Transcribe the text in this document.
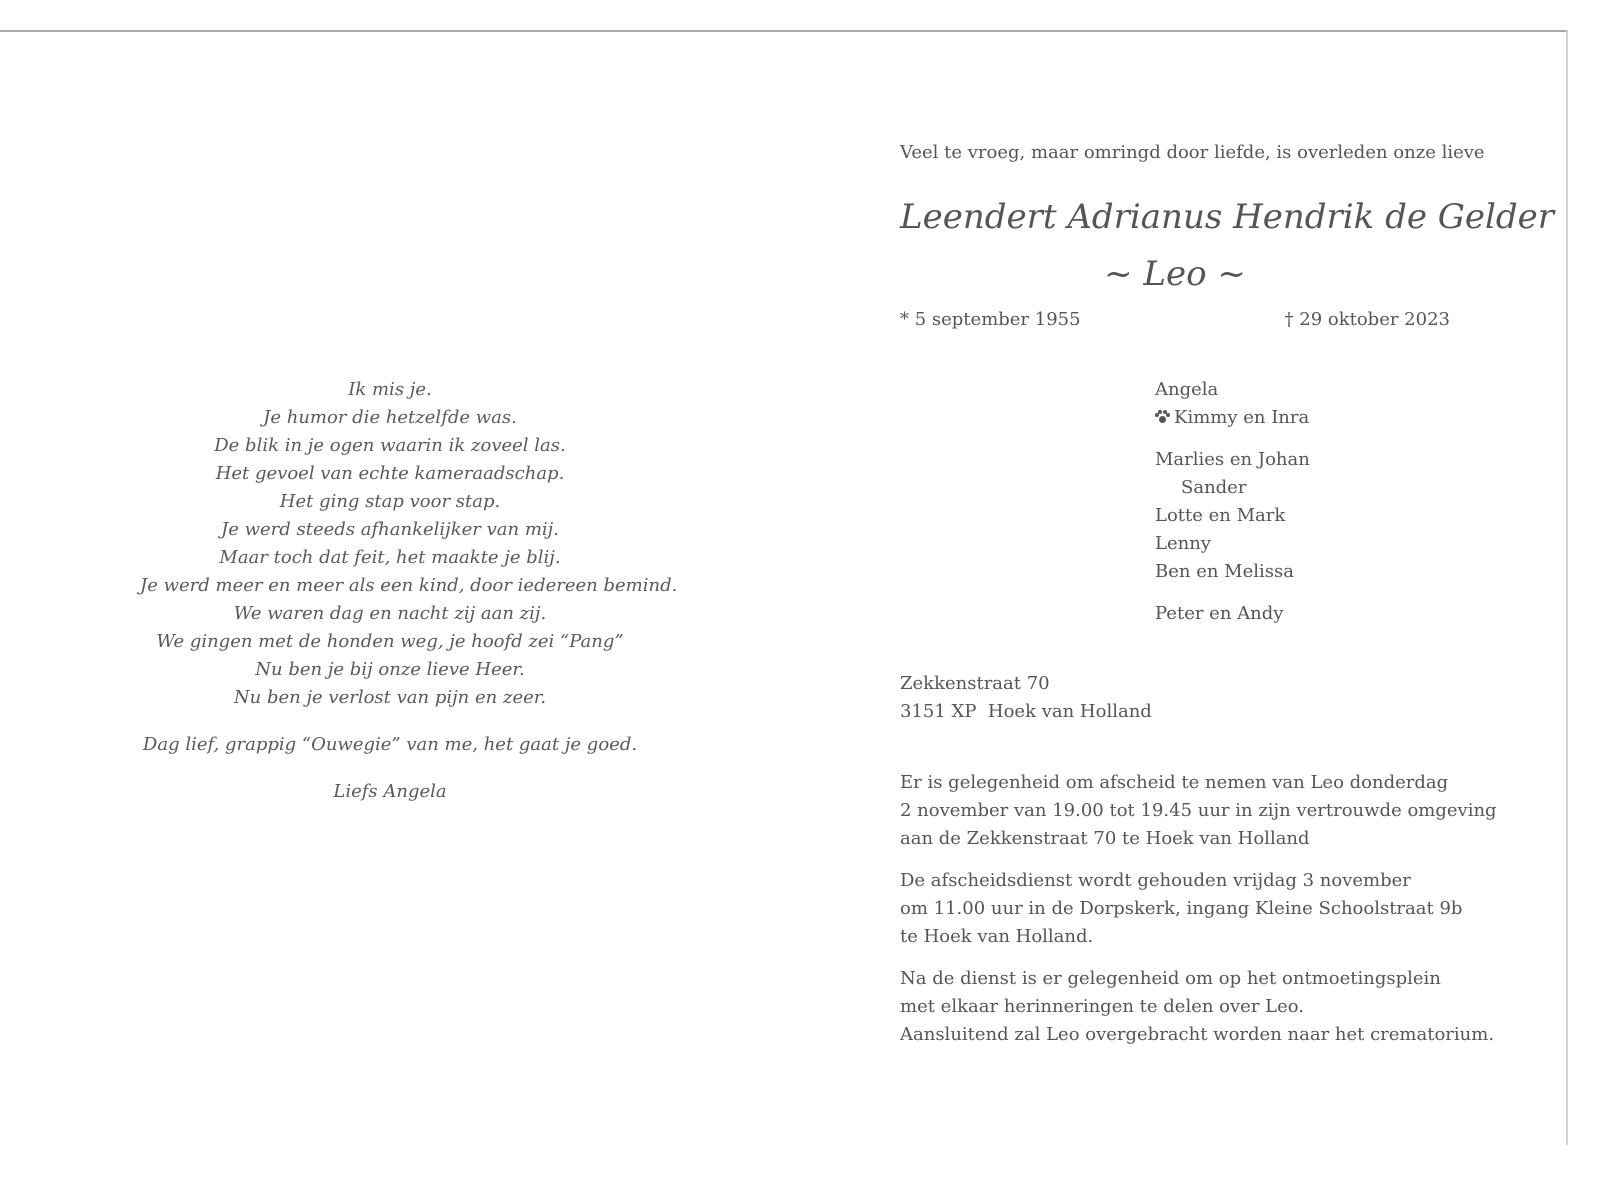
Ik mis je.
Je humor die hetzelfde was.
De blik in je ogen waarin ik zoveel las.
Het gevoel van echte kameraadschap.
Het ging stap voor stap.
Je werd steeds afhankelijker van mij.
Maar toch dat feit, het maakte je blij.
Je werd meer en meer als een kind, door iedereen bemind.
We waren dag en nacht zij aan zij.
We gingen met de honden weg, je hoofd zei “Pang”
Nu ben je bij onze lieve Heer.
Nu ben je verlost van pijn en zeer.
Dag lief, grappig “Ouwegie” van me, het gaat je goed.
Liefs Angela
Veel te vroeg, maar omringd door liefde, is overleden onze lieve
Leendert Adrianus Hendrik de Gelder
~ Leo ~
* 5 september 1955	† 29 oktober 2023
Angela
Kimmy en Inra
Marlies en Johan
Sander
Lotte en Mark
Lenny
Ben en Melissa
Peter en Andy
Zekkenstraat 70
3151 XP  Hoek van Holland
Er is gelegenheid om afscheid te nemen van Leo donderdag
2 november van 19.00 tot 19.45 uur in zijn vertrouwde omgeving
aan de Zekkenstraat 70 te Hoek van Holland
De afscheidsdienst wordt gehouden vrijdag 3 november
om 11.00 uur in de Dorpskerk, ingang Kleine Schoolstraat 9b
te Hoek van Holland.
Na de dienst is er gelegenheid om op het ontmoetingsplein
met elkaar herinneringen te delen over Leo.
Aansluitend zal Leo overgebracht worden naar het crematorium.
